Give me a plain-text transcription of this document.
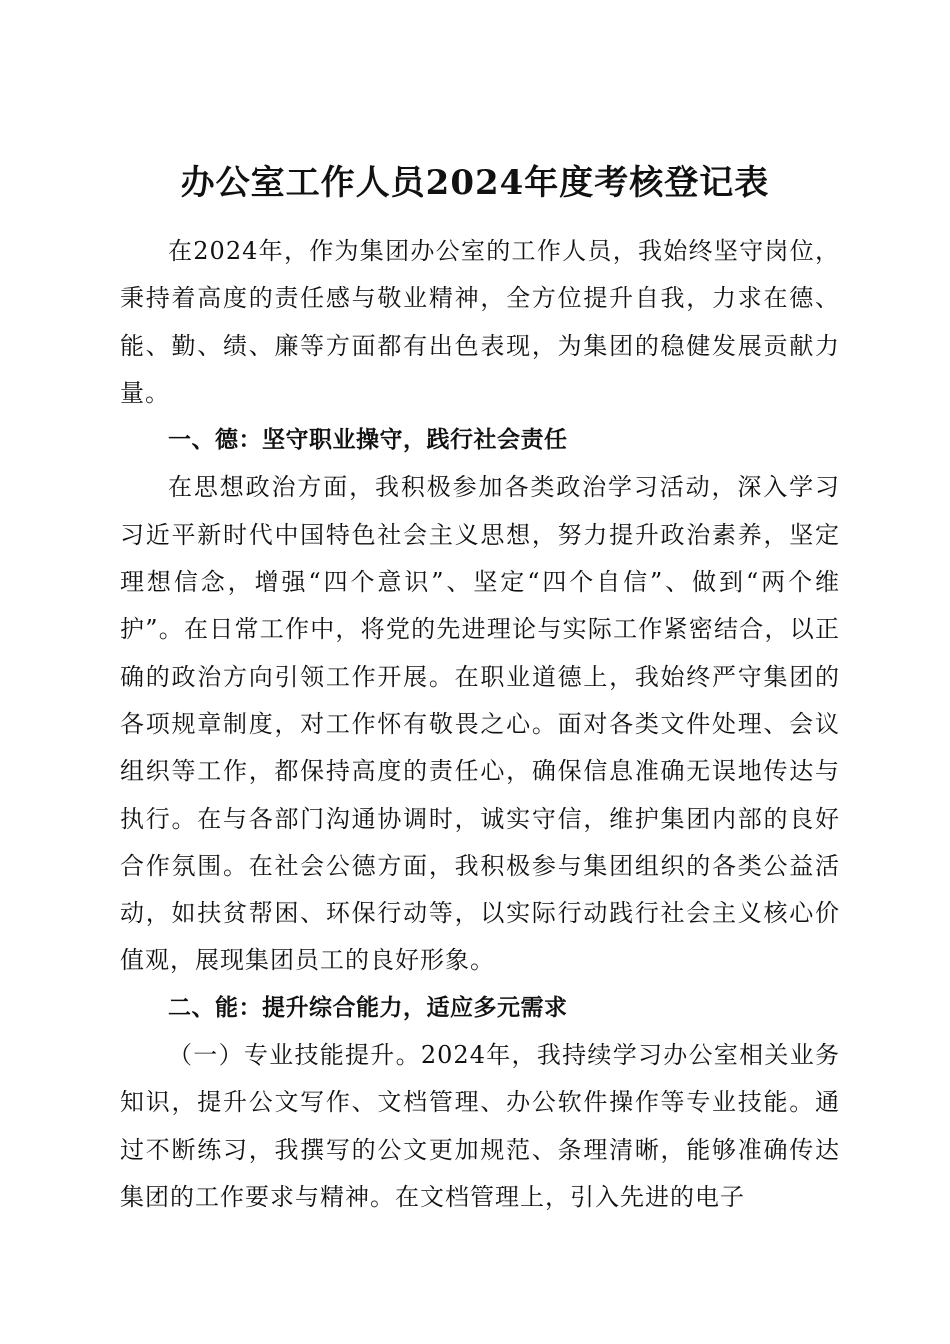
办公室工作人员2024年度考核登记表

在2024年，作为集团办公室的工作人员，我始终坚守岗位，秉持着高度的责任感与敬业精神，全方位提升自我，力求在德、能、勤、绩、廉等方面都有出色表现，为集团的稳健发展贡献力量。

一、德：坚守职业操守，践行社会责任

在思想政治方面，我积极参加各类政治学习活动，深入学习习近平新时代中国特色社会主义思想，努力提升政治素养，坚定理想信念，增强“四个意识”、坚定“四个自信”、做到“两个维护”。在日常工作中，将党的先进理论与实际工作紧密结合，以正确的政治方向引领工作开展。在职业道德上，我始终严守集团的各项规章制度，对工作怀有敬畏之心。面对各类文件处理、会议组织等工作，都保持高度的责任心，确保信息准确无误地传达与执行。在与各部门沟通协调时，诚实守信，维护集团内部的良好合作氛围。在社会公德方面，我积极参与集团组织的各类公益活动，如扶贫帮困、环保行动等，以实际行动践行社会主义核心价值观，展现集团员工的良好形象。

二、能：提升综合能力，适应多元需求

（一）专业技能提升。2024年，我持续学习办公室相关业务知识，提升公文写作、文档管理、办公软件操作等专业技能。通过不断练习，我撰写的公文更加规范、条理清晰，能够准确传达集团的工作要求与精神。在文档管理上，引入先进的电子
